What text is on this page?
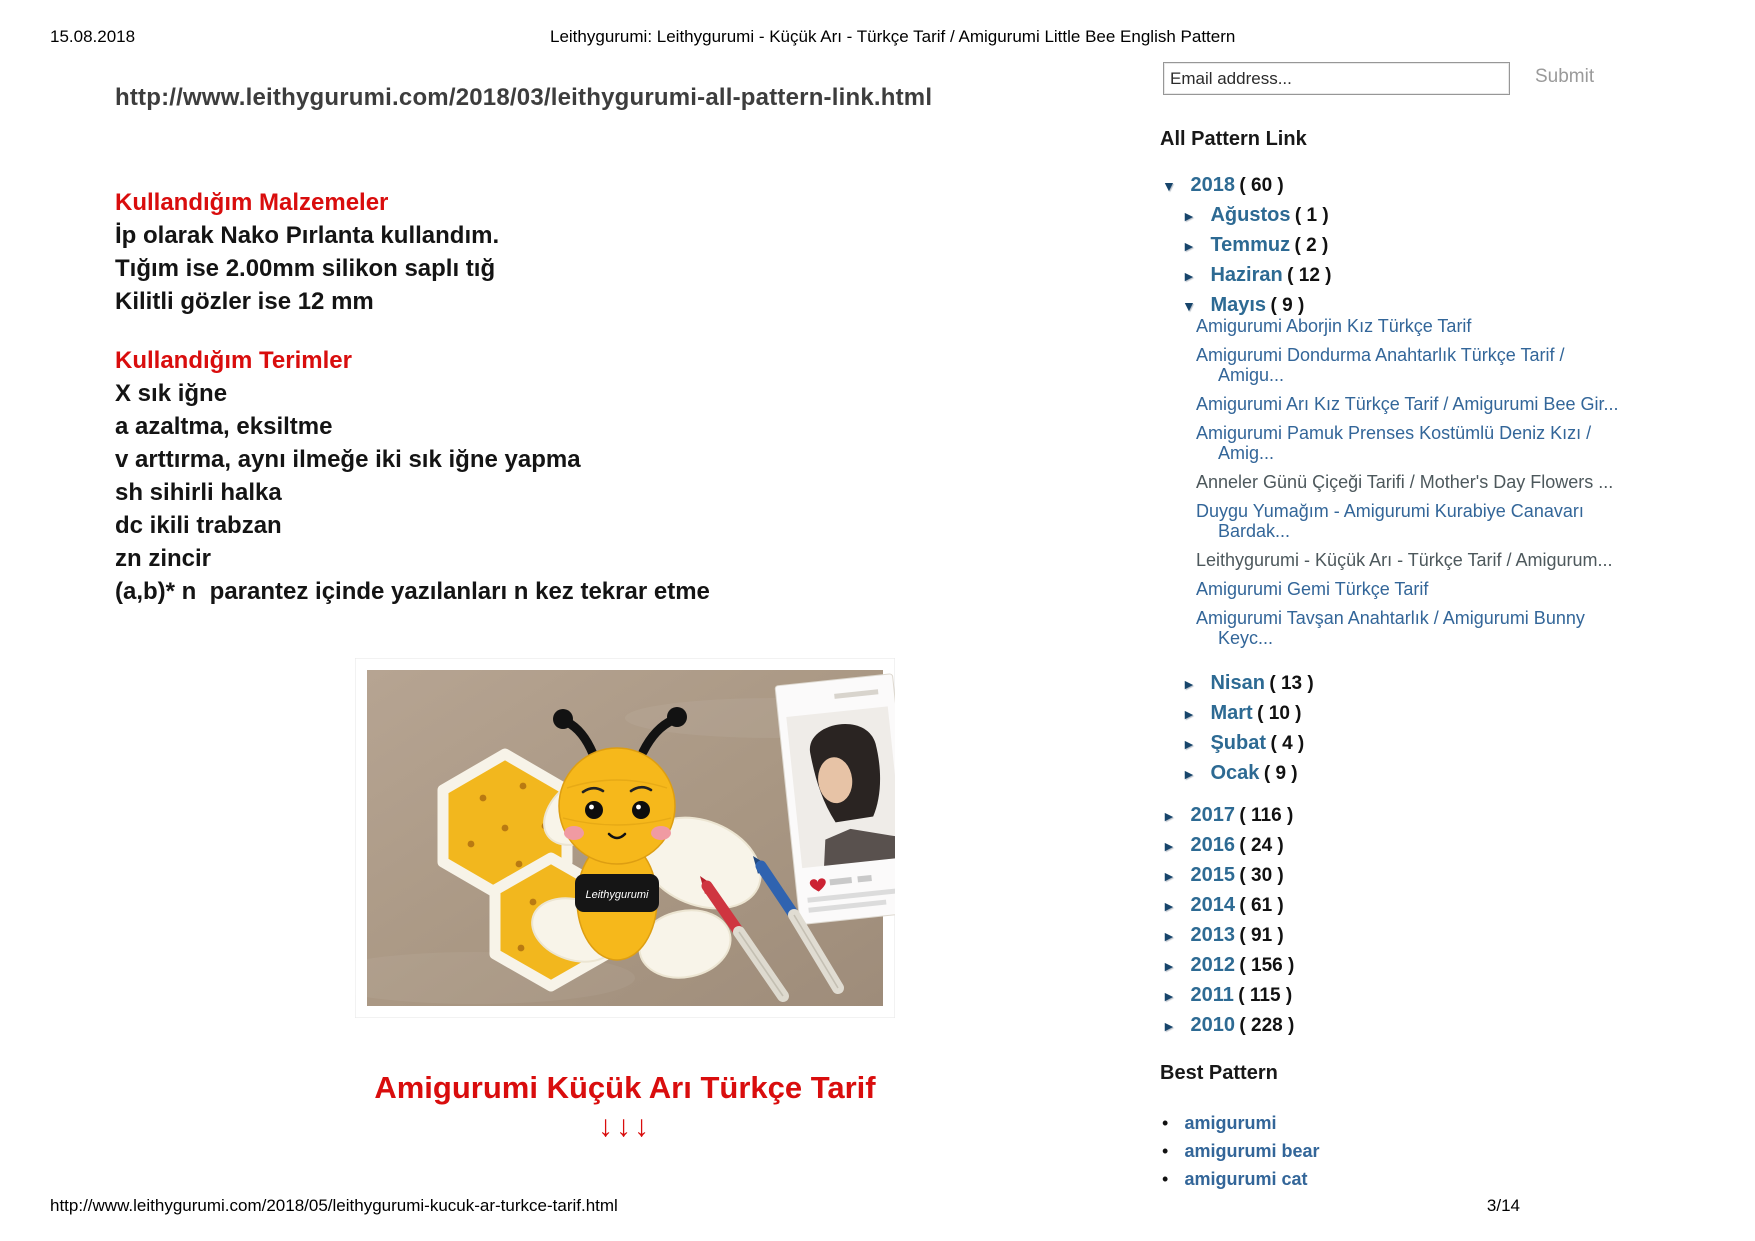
15.08.2018	Leithygurumi: Leithygurumi - Küçük Arı - Türkçe Tarif / Amigurumi Little Bee English Pattern
http://www.leithygurumi.com/2018/03/leithygurumi-all-pattern-link.html
Kullandığım Malzemeler
İp olarak Nako Pırlanta kullandım.
Tığım ise 2.00mm silikon saplı tığ
Kilitli gözler ise 12 mm
Kullandığım Terimler
X sık iğne
a azaltma, eksiltme
v arttırma, aynı ilmeğe iki sık iğne yapma
sh sihirli halka
dc ikili trabzan
zn zincir
(a,b)* n  parantez içinde yazılanları n kez tekrar etme
Leithygurumi
Amigurumi Küçük Arı Türkçe Tarif
↓↓↓
Email address...
Submit
All Pattern Link
▼ 2018 ( 60 )
► Ağustos ( 1 )
► Temmuz ( 2 )
► Haziran ( 12 )
▼ Mayıs ( 9 )
Amigurumi Aborjin Kız Türkçe Tarif
Amigurumi Dondurma Anahtarlık Türkçe Tarif / Amigu...
Amigurumi Arı Kız Türkçe Tarif / Amigurumi Bee Gir...
Amigurumi Pamuk Prenses Kostümlü Deniz Kızı / Amig...
Anneler Günü Çiçeği Tarifi / Mother's Day Flowers ...
Duygu Yumağım - Amigurumi Kurabiye Canavarı Bardak...
Leithygurumi - Küçük Arı - Türkçe Tarif / Amigurum...
Amigurumi Gemi Türkçe Tarif
Amigurumi Tavşan Anahtarlık / Amigurumi Bunny Keyc...
► Nisan ( 13 )
► Mart ( 10 )
► Şubat ( 4 )
► Ocak ( 9 )
► 2017 ( 116 )
► 2016 ( 24 )
► 2015 ( 30 )
► 2014 ( 61 )
► 2013 ( 91 )
► 2012 ( 156 )
► 2011 ( 115 )
► 2010 ( 228 )
Best Pattern
• amigurumi
• amigurumi bear
• amigurumi cat
http://www.leithygurumi.com/2018/05/leithygurumi-kucuk-ar-turkce-tarif.html	3/14
